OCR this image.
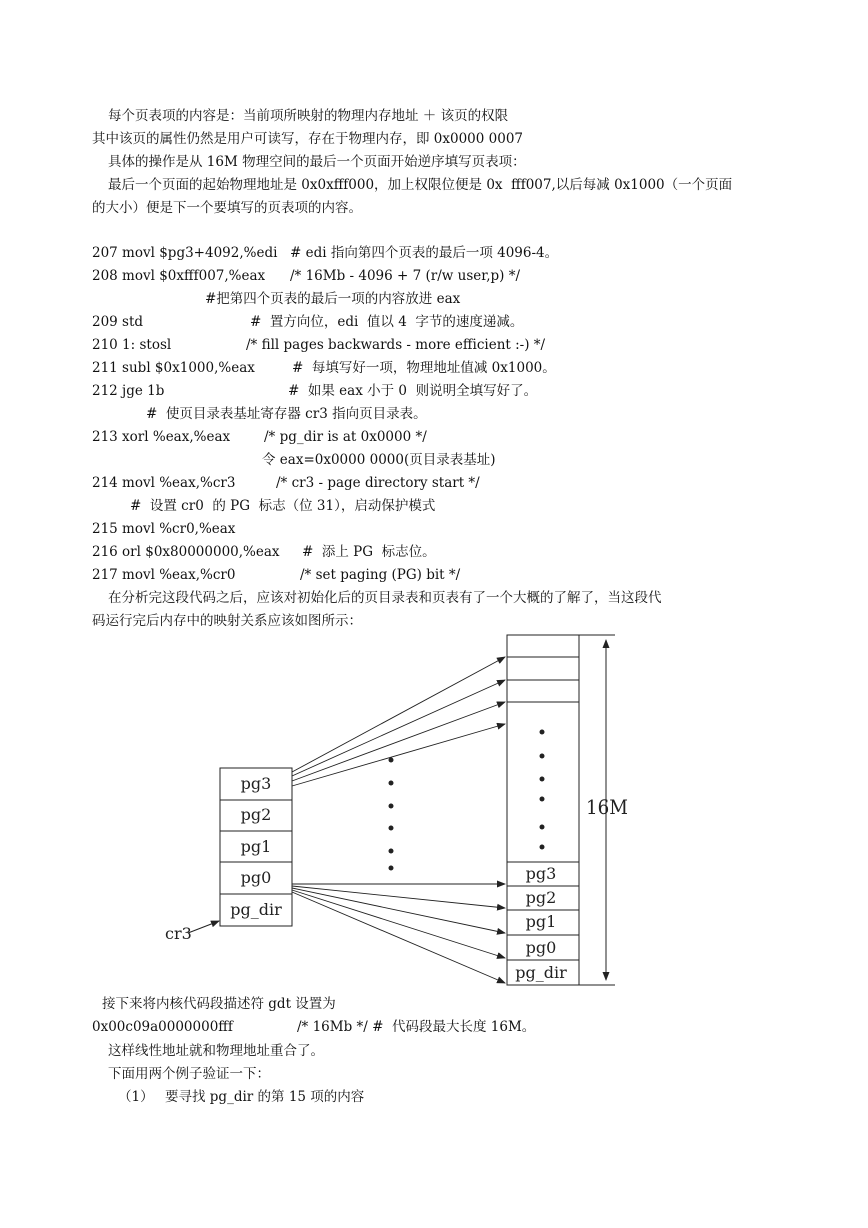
每个页表项的内容是：当前项所映射的物理内存地址 ＋ 该页的权限
其中该页的属性仍然是用户可读写，存在于物理内存，即 0x0000 0007
具体的操作是从 16M 物理空间的最后一个页面开始逆序填写页表项：
最后一个页面的起始物理地址是 0x0xfff000，加上权限位便是 0x  fff007,以后每减 0x1000（一个页面
的大小）便是下一个要填写的页表项的内容。
207 movl $pg3+4092,%edi # edi 指向第四个页表的最后一项 4096-4。
208 movl $0xfff007,%eax /* 16Mb - 4096 + 7 (r/w user,p) */
#把第四个页表的最后一项的内容放进 eax
209 std	#  置方向位，edi  值以 4  字节的速度递减。
210 1: stosl	/* fill pages backwards - more efficient :-) */
211 subl $0x1000,%eax	#  每填写好一项，物理地址值减 0x1000。
212 jge 1b	#  如果 eax 小于 0  则说明全填写好了。
#  使页目录表基址寄存器 cr3 指向页目录表。
213 xorl %eax,%eax	/* pg_dir is at 0x0000 */
令 eax=0x0000 0000(页目录表基址)
214 movl %eax,%cr3	/* cr3 - page directory start */
#  设置 cr0  的 PG  标志（位 31），启动保护模式
215 movl %cr0,%eax
216 orl $0x80000000,%eax #  添上 PG  标志位。
217 movl %eax,%cr0	/* set paging (PG) bit */
在分析完这段代码之后，应该对初始化后的页目录表和页表有了一个大概的了解了，当这段代
码运行完后内存中的映射关系应该如图所示：
pg3
pg2
pg1
pg0
pg_dir
cr3
pg3
pg2
pg1
pg0
pg_dir
16M
接下来将内核代码段描述符 gdt 设置为
0x00c09a0000000fff	/* 16Mb */ #  代码段最大长度 16M。
这样线性地址就和物理地址重合了。
下面用两个例子验证一下：
（1） 要寻找 pg_dir 的第 15 项的内容
